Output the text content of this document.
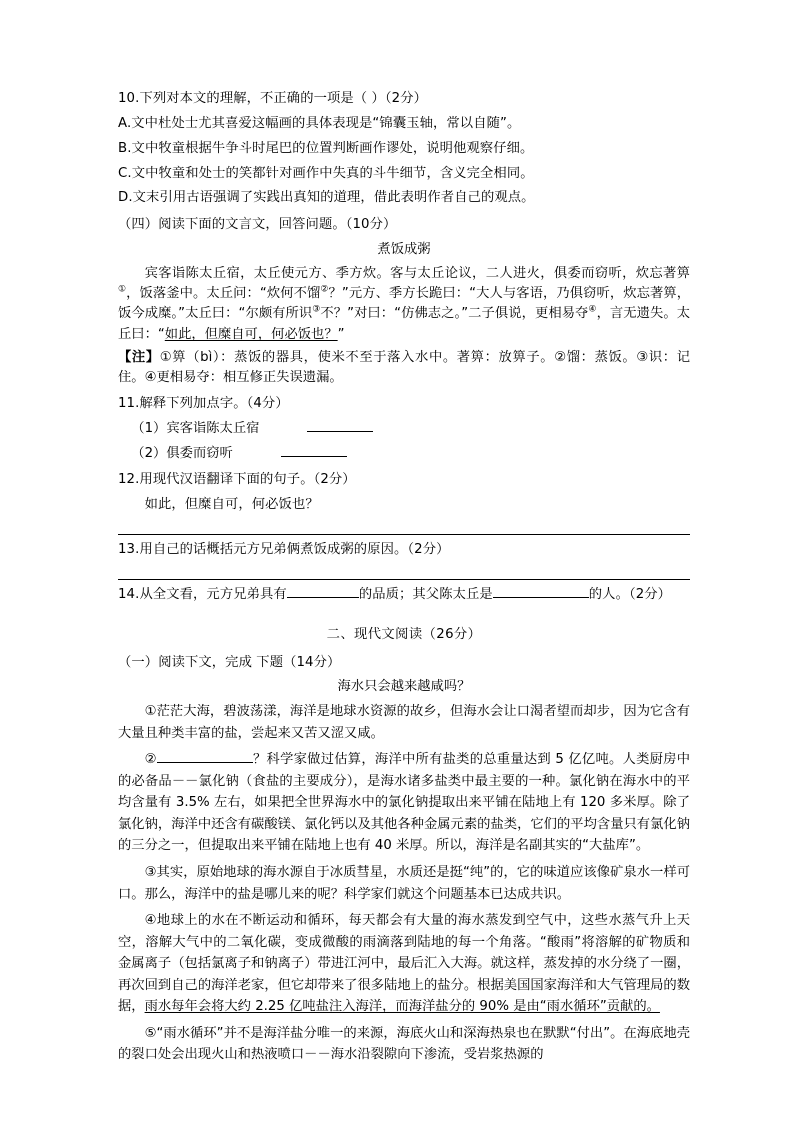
10.下列对本文的理解，不正确的一项是（ ）（2分）

A.文中杜处士尤其喜爱这幅画的具体表现是“锦囊玉轴，常以自随”。

B.文中牧童根据牛争斗时尾巴的位置判断画作谬处，说明他观察仔细。

C.文中牧童和处士的笑都针对画作中失真的斗牛细节，含义完全相同。

D.文末引用古语强调了实践出真知的道理，借此表明作者自己的观点。

（四）阅读下面的文言文，回答问题。（10分）

煮饭成粥

宾客诣陈太丘宿，太丘使元方、季方炊。客与太丘论议，二人进火，俱委而窃听，炊忘著箅①，饭落釜中。太丘问：“炊何不馏②？”元方、季方长跪曰：“大人与客语，乃俱窃听，炊忘著箅，饭今成糜。”太丘曰：“尔颇有所识③不？”对曰：“仿佛志之。”二子俱说，更相易夺④，言无遗失。太丘曰：“如此，但糜自可，何必饭也？”

【注】①箅（bì）：蒸饭的器具，使米不至于落入水中。著箅：放箅子。②馏：蒸饭。③识：记住。④更相易夺：相互修正失误遗漏。

11.解释下列加点字。（4分）

（1）宾客诣陈太丘宿

（2）俱委而窃听

12.用现代汉语翻译下面的句子。（2分）

如此，但糜自可，何必饭也？

13.用自己的话概括元方兄弟俩煮饭成粥的原因。（2分）

14.从全文看，元方兄弟具有	的品质；其父陈太丘是	的人。（2分）

二、现代文阅读（26分）

（一）阅读下文，完成 下题（14分）

海水只会越来越咸吗？

①茫茫大海，碧波荡漾，海洋是地球水资源的故乡，但海水会让口渴者望而却步，因为它含有大量且种类丰富的盐，尝起来又苦又涩又咸。

②	？科学家做过估算，海洋中所有盐类的总重量达到 5 亿亿吨。人类厨房中的必备品－－氯化钠（食盐的主要成分），是海水诸多盐类中最主要的一种。氯化钠在海水中的平均含量有 3.5% 左右，如果把全世界海水中的氯化钠提取出来平铺在陆地上有 120 多米厚。除了氯化钠，海洋中还含有碳酸镁、氯化钙以及其他各种金属元素的盐类，它们的平均含量只有氯化钠的三分之一，但提取出来平铺在陆地上也有 40 米厚。所以，海洋是名副其实的“大盐库”。

③其实，原始地球的海水源自于冰质彗星，水质还是挺“纯”的，它的味道应该像矿泉水一样可口。那么，海洋中的盐是哪儿来的呢？科学家们就这个问题基本已达成共识。

④地球上的水在不断运动和循环，每天都会有大量的海水蒸发到空气中，这些水蒸气升上天空，溶解大气中的二氧化碳，变成微酸的雨滴落到陆地的每一个角落。“酸雨”将溶解的矿物质和金属离子（包括氯离子和钠离子）带进江河中，最后汇入大海。就这样，蒸发掉的水分绕了一圈，再次回到自己的海洋老家，但它却带来了很多陆地上的盐分。根据美国国家海洋和大气管理局的数据，雨水每年会将大约 2.25 亿吨盐注入海洋，而海洋盐分的 90% 是由“雨水循环”贡献的。

⑤“雨水循环”并不是海洋盐分唯一的来源，海底火山和深海热泉也在默默“付出”。在海底地壳的裂口处会出现火山和热液喷口－－海水沿裂隙向下渗流，受岩浆热源的
